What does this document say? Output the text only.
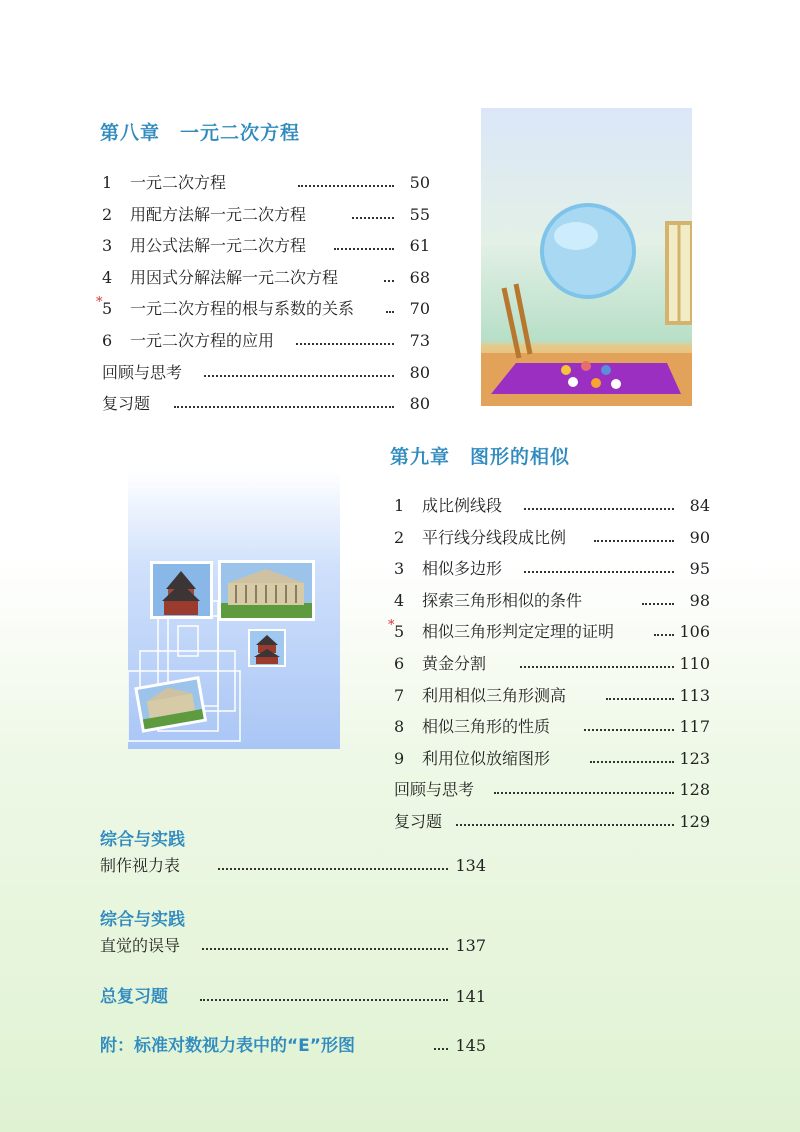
第八章　一元二次方程
1	一元二次方程	50
2	用配方法解一元二次方程	55
3	用公式法解一元二次方程	61
4	用因式分解法解一元二次方程	68
* 5	一元二次方程的根与系数的关系	70
6	一元二次方程的应用	73
回顾与思考	80
复习题	80
第九章　图形的相似
1	成比例线段	84
2	平行线分线段成比例	90
3	相似多边形	95
4	探索三角形相似的条件	98
* 5	相似三角形判定定理的证明	106
6	黄金分割	110
7	利用相似三角形测高	113
8	相似三角形的性质	117
9	利用位似放缩图形	123
回顾与思考	128
复习题	129
综合与实践
制作视力表	134
综合与实践
直觉的误导	137
总复习题	141
附：标准对数视力表中的“E”形图	145
